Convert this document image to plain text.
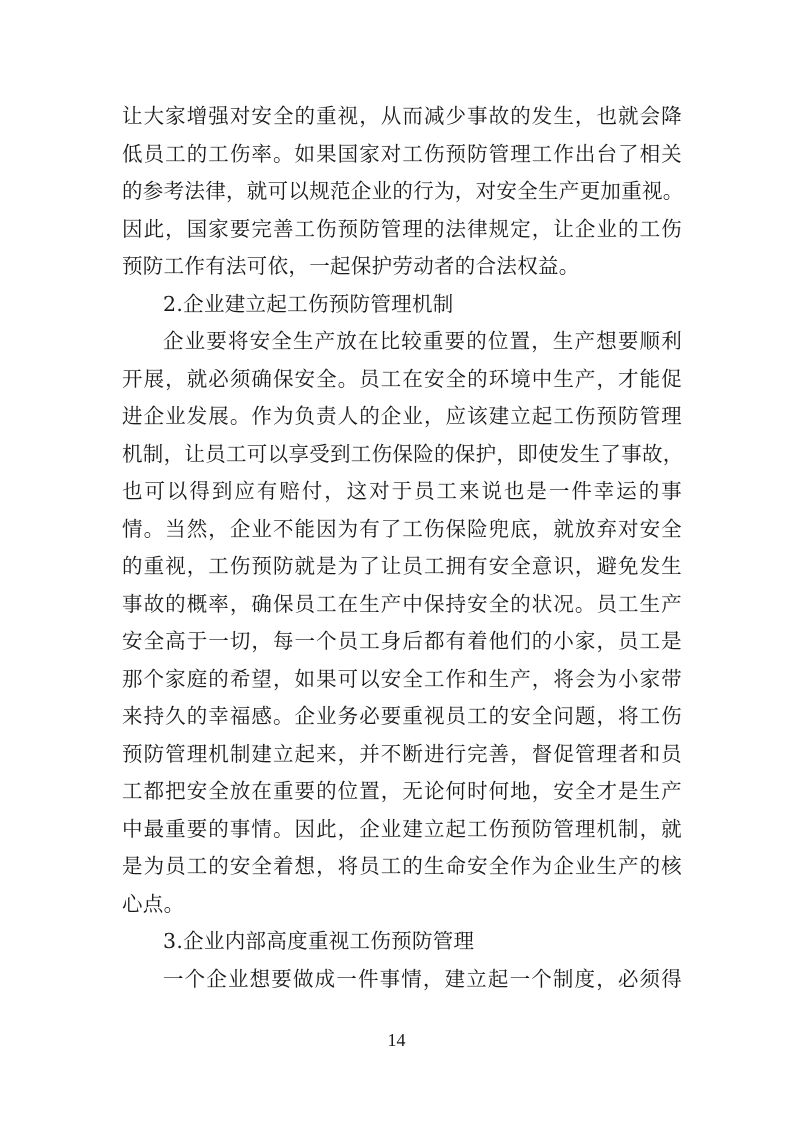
让大家增强对安全的重视，从而减少事故的发生，也就会降
低员工的工伤率。如果国家对工伤预防管理工作出台了相关
的参考法律，就可以规范企业的行为，对安全生产更加重视。
因此，国家要完善工伤预防管理的法律规定，让企业的工伤
预防工作有法可依，一起保护劳动者的合法权益。
2.企业建立起工伤预防管理机制
企业要将安全生产放在比较重要的位置，生产想要顺利
开展，就必须确保安全。员工在安全的环境中生产，才能促
进企业发展。作为负责人的企业，应该建立起工伤预防管理
机制，让员工可以享受到工伤保险的保护，即使发生了事故，
也可以得到应有赔付，这对于员工来说也是一件幸运的事
情。当然，企业不能因为有了工伤保险兜底，就放弃对安全
的重视，工伤预防就是为了让员工拥有安全意识，避免发生
事故的概率，确保员工在生产中保持安全的状况。员工生产
安全高于一切，每一个员工身后都有着他们的小家，员工是
那个家庭的希望，如果可以安全工作和生产，将会为小家带
来持久的幸福感。企业务必要重视员工的安全问题，将工伤
预防管理机制建立起来，并不断进行完善，督促管理者和员
工都把安全放在重要的位置，无论何时何地，安全才是生产
中最重要的事情。因此，企业建立起工伤预防管理机制，就
是为员工的安全着想，将员工的生命安全作为企业生产的核
心点。
3.企业内部高度重视工伤预防管理
一个企业想要做成一件事情，建立起一个制度，必须得
14
